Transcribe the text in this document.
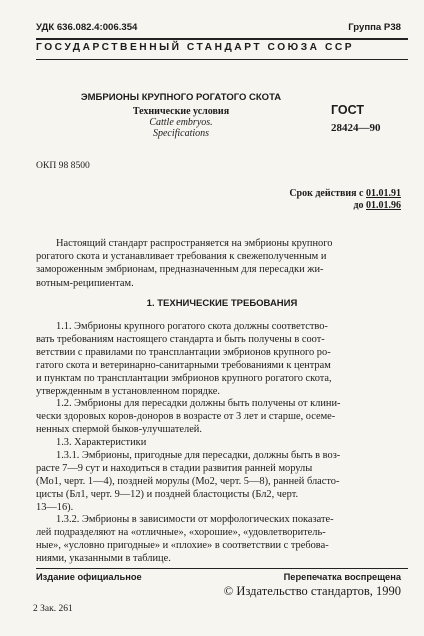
УДК 636.082.4:006.354	Группа Р38
ГОСУДАРСТВЕННЫЙ СТАНДАРТ СОЮЗА ССР
ЭМБРИОНЫ КРУПНОГО РОГАТОГО СКОТА
Технические условия
Cattle embryos.
Specifications
ГОСТ
28424—90
ОКП 98 8500
Срок действия с 01.01.91
до 01.01.96
Настоящий стандарт распространяется на эмбрионы крупного
рогатого скота и устанавливает требования к свежеполученным и
замороженным эмбрионам, предназначенным для пересадки жи-
вотным-реципиентам.
1. ТЕХНИЧЕСКИЕ ТРЕБОВАНИЯ
1.1. Эмбрионы крупного рогатого скота должны соответство-
вать требованиям настоящего стандарта и быть получены в соот-
ветствии с правилами по трансплантации эмбрионов крупного ро-
гатого скота и ветеринарно-санитарными требованиями к центрам
и пунктам по трансплантации эмбрионов крупного рогатого скота,
утвержденным в установленном порядке.
1.2. Эмбрионы для пересадки должны быть получены от клини-
чески здоровых коров-доноров в возрасте от 3 лет и старше, осеме-
ненных спермой быков-улучшателей.
1.3. Характеристики
1.3.1. Эмбрионы, пригодные для пересадки, должны быть в воз-
расте 7—9 сут и находиться в стадии развития ранней морулы
(Мо1, черт. 1—4), поздней морулы (Мо2, черт. 5—8), ранней бласто-
цисты (Бл1, черт. 9—12) и поздней бластоцисты (Бл2, черт.
13—16).
1.3.2. Эмбрионы в зависимости от морфологических показате-
лей подразделяют на «отличные», «хорошие», «удовлетворитель-
ные», «условно пригодные» и «плохие» в соответствии с требова-
ниями, указанными в таблице.
Издание официальное	Перепечатка воспрещена
© Издательство стандартов, 1990
2 Зак. 261
